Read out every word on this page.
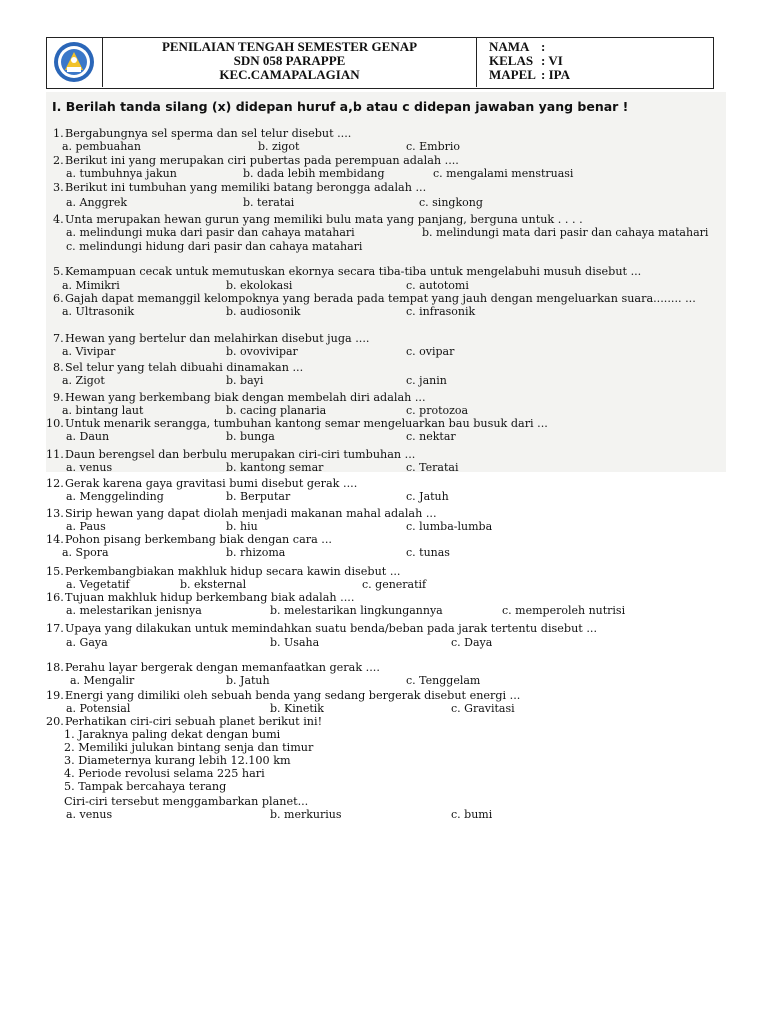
PENILAIAN TENGAH SEMESTER GENAP
SDN 058 PARAPPE
KEC.CAMAPALAGIAN
NAMA :
KELAS : VI
MAPEL : IPA
I. Berilah tanda silang (x) didepan huruf a,b atau c didepan jawaban yang benar !
1. Bergabungnya sel sperma dan sel telur disebut ....
a. pembuahan	b. zigot	c. Embrio
2. Berikut ini yang merupakan ciri pubertas pada perempuan adalah ....
a. tumbuhnya jakun	b. dada lebih membidang	c. mengalami menstruasi
3. Berikut ini tumbuhan yang memiliki batang berongga adalah ...
a. Anggrek	b. teratai	c. singkong
4. Unta merupakan hewan gurun yang memiliki bulu mata yang panjang, berguna untuk . . . .
a. melindungi muka dari pasir dan cahaya matahari	b. melindungi mata dari pasir dan cahaya matahari
c. melindungi hidung dari pasir dan cahaya matahari
5. Kemampuan cecak untuk memutuskan ekornya secara tiba-tiba untuk mengelabuhi musuh disebut ...
a. Mimikri	b. ekolokasi	c. autotomi
6. Gajah dapat memanggil kelompoknya yang berada pada tempat yang jauh dengan mengeluarkan suara........ ...
a. Ultrasonik	b. audiosonik	c. infrasonik
7. Hewan yang bertelur dan melahirkan disebut juga ....
a. Vivipar	b. ovovivipar	c. ovipar
8. Sel telur yang telah dibuahi dinamakan ...
a. Zigot	b. bayi	c. janin
9. Hewan yang berkembang biak dengan membelah diri adalah ...
a. bintang laut	b. cacing planaria	c. protozoa
10. Untuk menarik serangga, tumbuhan kantong semar mengeluarkan bau busuk dari ...
a. Daun	b. bunga	c. nektar
11. Daun berengsel dan berbulu merupakan ciri-ciri tumbuhan ...
a. venus	b. kantong semar	c. Teratai
12. Gerak karena gaya gravitasi bumi disebut gerak ....
a. Menggelinding	b. Berputar	c. Jatuh
13. Sirip hewan yang dapat diolah menjadi makanan mahal adalah ...
a. Paus	b. hiu	c. lumba-lumba
14. Pohon pisang berkembang biak dengan cara ...
a. Spora	b. rhizoma	c. tunas
15. Perkembangbiakan makhluk hidup secara kawin disebut ...
a. Vegetatif	b. eksternal	c. generatif
16. Tujuan makhluk hidup berkembang biak adalah ....
a. melestarikan jenisnya	b. melestarikan lingkungannya	c. memperoleh nutrisi
17. Upaya yang dilakukan untuk memindahkan suatu benda/beban pada jarak tertentu disebut ...
a. Gaya	b. Usaha	c. Daya
18. Perahu layar bergerak dengan memanfaatkan gerak ....
a. Mengalir	b. Jatuh	c. Tenggelam
19. Energi yang dimiliki oleh sebuah benda yang sedang bergerak disebut energi ...
a. Potensial	b. Kinetik	c. Gravitasi
20. Perhatikan ciri-ciri sebuah planet berikut ini!
1. Jaraknya paling dekat dengan bumi
2. Memiliki julukan bintang senja dan timur
3. Diameternya kurang lebih 12.100 km
4. Periode revolusi selama 225 hari
5. Tampak bercahaya terang
Ciri-ciri tersebut menggambarkan planet...
a. venus	b. merkurius	c. bumi
